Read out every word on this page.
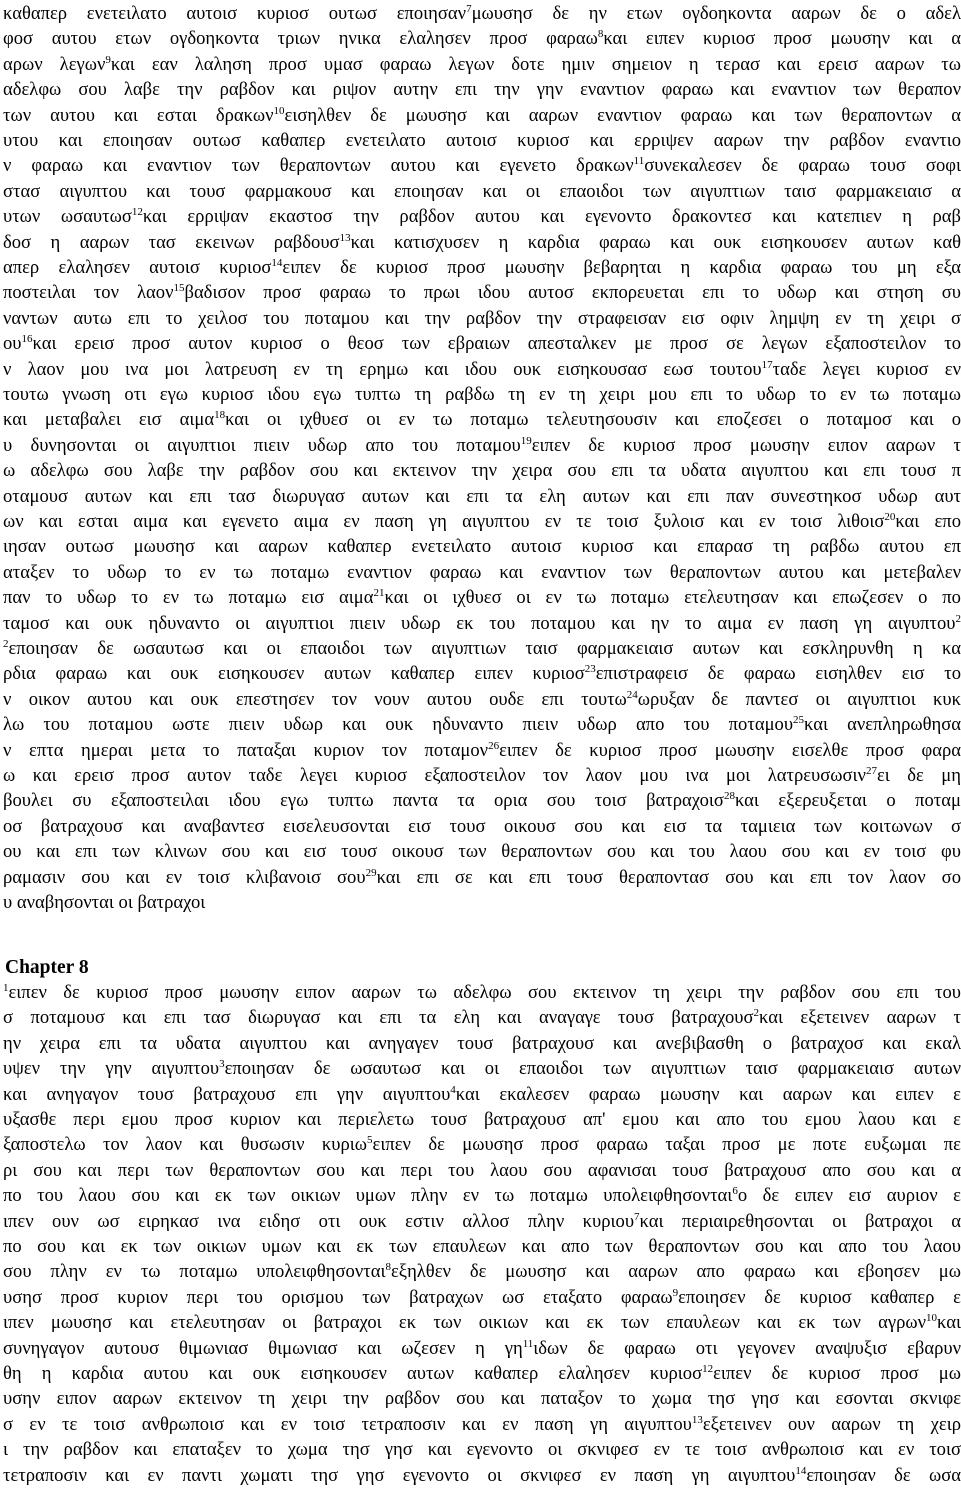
καθαπερ ενετειλατο αυτοισ κυριοσ ουτωσ εποιησαν$^7$μωυσησ δε ην ετων ογδοηκοντα ααρων δε ο αδελ
φοσ αυτου ετων ογδοηκοντα τριων ηνικα ελαλησεν προσ φαραω$^8$και ειπεν κυριοσ προσ μωυσην και α
αρων λεγων$^9$και εαν λαληση προσ υμασ φαραω λεγων δοτε ημιν σημειον η τερασ και ερεισ ααρων τω
αδελφω σου λαβε την ραβδον και ριψον αυτην επι την γην εναντιον φαραω και εναντιον των θεραπον
των αυτου και εσται δρακων$^{10}$εισηλθεν δε μωυσησ και ααρων εναντιον φαραω και των θεραποντων α
υτου και εποιησαν ουτωσ καθαπερ ενετειλατο αυτοισ κυριοσ και ερριψεν ααρων την ραβδον εναντιο
ν φαραω και εναντιον των θεραποντων αυτου και εγενετο δρακων$^{11}$συνεκαλεσεν δε φαραω τουσ σοφι
στασ αιγυπτου και τουσ φαρμακουσ και εποιησαν και οι επαοιδοι των αιγυπτιων ταισ φαρμακειαισ α
υτων ωσαυτωσ$^{12}$και ερριψαν εκαστοσ την ραβδον αυτου και εγενοντο δρακοντεσ και κατεπιεν η ραβ
δοσ η ααρων τασ εκεινων ραβδουσ$^{13}$και κατισχυσεν η καρδια φαραω και ουκ εισηκουσεν αυτων καθ
απερ ελαλησεν αυτοισ κυριοσ$^{14}$ειπεν δε κυριοσ προσ μωυσην βεβαρηται η καρδια φαραω του μη εξα
ποστειλαι τον λαον$^{15}$βαδισον προσ φαραω το πρωι ιδου αυτοσ εκπορευεται επι το υδωρ και στηση συ
ναντων αυτω επι το χειλοσ του ποταμου και την ραβδον την στραφεισαν εισ οφιν λημψη εν τη χειρι σ
$o\upsilon^{16}\kappa\alpha\iota$ ερεισ προσ αυτον κυριοσ ο θεοσ των εβραιων απεσταλκεν με προσ σε λεγων εξαποστειλον το
ν λαον μου ινα μοι λατρευση εν τη ερημω και ιδου ουκ εισηκουσασ εωσ τουτου$^{17}$ταδε λεγει κυριοσ εν
τουτω γνωση οτι εγω κυριοσ ιδου εγω τυπτω τη ραβδω τη εν τη χειρι μου επι το υδωρ το εν τω ποταμω
και μεταβαλει εισ αιμα$^{18}$και οι ιχθυεσ οι εν τω ποταμω τελευτησουσιν και εποζεσει ο ποταμοσ και ο
υ δυνησονται οι αιγυπτιοι πιειν υδωρ απο του ποταμου$^{19}$ειπεν δε κυριοσ προσ μωυσην ειπον ααρων τ
ω αδελφω σου λαβε την ραβδον σου και εκτεινον την χειρα σου επι τα υδατα αιγυπτου και επι τουσ π
οταμουσ αυτων και επι τασ διωρυγασ αυτων και επι τα ελη αυτων και επι παν συνεστηκοσ υδωρ αυτ
ων και εσται αιμα και εγενετο αιμα εν παση γη αιγυπτου εν τε τοισ ξυλοισ και εν τοισ λιθοισ$^{20}$και επο
ιησαν ουτωσ μωυσησ και ααρων καθαπερ ενετειλατο αυτοισ κυριοσ και επαρασ τη ραβδω αυτου επ
αταξεν το υδωρ το εν τω ποταμω εναντιον φαραω και εναντιον των θεραποντων αυτου και μετεβαλεν
παν το υδωρ το εν τω ποταμω εισ αιμα$^{21}$και οι ιχθυεσ οι εν τω ποταμω ετελευτησαν και επωζεσεν ο πο
ταμοσ και ουκ ηδυναντο οι αιγυπτιοι πιειν υδωρ εκ του ποταμου και ην το αιμα εν παση γη αιγυπτου$^2$
$^2$εποιησαν δε ωσαυτωσ και οι επαοιδοι των αιγυπτιων ταισ φαρμακειαισ αυτων και εσκληρυνθη η κα
ρδια φαραω και ουκ εισηκουσεν αυτων καθαπερ ειπεν κυριοσ$^{23}$επιστραφεισ δε φαραω εισηλθεν εισ το
ν οικον αυτου και ουκ επεστησεν τον νουν αυτου ουδε επι τουτω$^{24}$ωρυξαν δε παντεσ οι αιγυπτιοι κυκ
λω του ποταμου ωστε πιειν υδωρ και ουκ ηδυναντο πιειν υδωρ απο του ποταμου$^{25}$και ανεπληρωθησα
ν επτα ημεραι μετα το παταξαι κυριον τον ποταμον$^{26}$ειπεν δε κυριοσ προσ μωυσην εισελθε προσ φαρα
ω και ερεισ προσ αυτον ταδε λεγει κυριοσ εξαποστειλον τον λαον μου ινα μοι λατρευσωσιν$^{27}$ει δε μη
βουλει συ εξαποστειλαι ιδου εγω τυπτω παντα τα ορια σου τοισ βατραχοισ$^{28}$και εξερευξεται ο ποταμ
οσ βατραχουσ και αναβαντεσ εισελευσονται εισ τουσ οικουσ σου και εισ τα ταμιεια των κοιτωνων σ
ου και επι των κλινων σου και εισ τουσ οικουσ των θεραποντων σου και του λαου σου και εν τοισ φυ
ραμασιν σου και εν τοισ κλιβανοισ σου$^{29}$και επι σε και επι τουσ θεραποντασ σου και επι τον λαον σο
υ αναβησονται οι βατραχοι
Chapter 8
$^1$ειπεν δε κυριοσ προσ μωυσην ειπον ααρων τω αδελφω σου εκτεινον τη χειρι την ραβδον σου επι του
σ ποταμουσ και επι τασ διωρυγασ και επι τα ελη και αναγαγε τουσ βατραχουσ$^2$και εξετεινεν ααρων τ
ην χειρα επι τα υδατα αιγυπτου και ανηγαγεν τουσ βατραχουσ και ανεβιβασθη ο βατραχοσ και εκαλ
υψεν την γην αιγυπτου$^3$εποιησαν δε ωσαυτωσ και οι επαοιδοι των αιγυπτιων ταισ φαρμακειαισ αυτων
και ανηγαγον τουσ βατραχουσ επι γην αιγυπτου$^4$και εκαλεσεν φαραω μωυσην και ααρων και ειπεν ε
υξασθε περι εμου προσ κυριον και περιελετω τουσ βατραχουσ απ' εμου και απο του εμου λαου και ε
ξαποστελω τον λαον και θυσωσιν κυριω$^5$ειπεν δε μωυσησ προσ φαραω ταξαι προσ με ποτε ευξωμαι πε
ρι σου και περι των θεραποντων σου και περι του λαου σου αφανισαι τουσ βατραχουσ απο σου και α
πο του λαου σου και εκ των οικιων υμων πλην εν τω ποταμω υπολειφθησονται$^6$ο δε ειπεν εισ αυριον ε
ιπεν ουν ωσ ειρηκασ ινα ειδησ οτι ουκ εστιν αλλοσ πλην κυριου$^7$και περιαιρεθησονται οι βατραχοι α
πο σου και εκ των οικιων υμων και εκ των επαυλεων και απο των θεραποντων σου και απο του λαου
σου πλην εν τω ποταμω υπολειφθησονται$^8$εξηλθεν δε μωυσησ και ααρων απο φαραω και εβοησεν μω
υσησ προσ κυριον περι του ορισμου των βατραχων ωσ εταξατο φαραω$^9$εποιησεν δε κυριοσ καθαπερ ε
ιπεν μωυσησ και ετελευτησαν οι βατραχοι εκ των οικιων και εκ των επαυλεων και εκ των αγρων$^{10}$και
συνηγαγον αυτουσ θιμωνιασ θιμωνιασ και ωζεσεν η $\gamma\eta^{11}\iota\delta\omega\nu$ δε φαραω οτι γεγονεν αναψυξισ εβαρυν
θη η καρδια αυτου και ουκ εισηκουσεν αυτων καθαπερ ελαλησεν κυριοσ$^{12}$ειπεν δε κυριοσ προσ μω
υσην ειπον ααρων εκτεινον τη χειρι την ραβδον σου και παταξον το χωμα τησ γησ και εσονται σκνιφε
σ εν τε τοισ ανθρωποισ και εν τοισ τετραποσιν και εν παση γη αιγυπτου$^{13}$εξετεινεν ουν ααρων τη χειρ
ι την ραβδον και επαταξεν το χωμα τησ γησ και εγενοντο οι σκνιφεσ εν τε τοισ ανθρωποισ και εν τοισ
τετραποσιν και εν παντι χωματι τησ γησ εγενοντο οι σκνιφεσ εν παση γη αιγυπτου$^{14}$εποιησαν δε ωσα
